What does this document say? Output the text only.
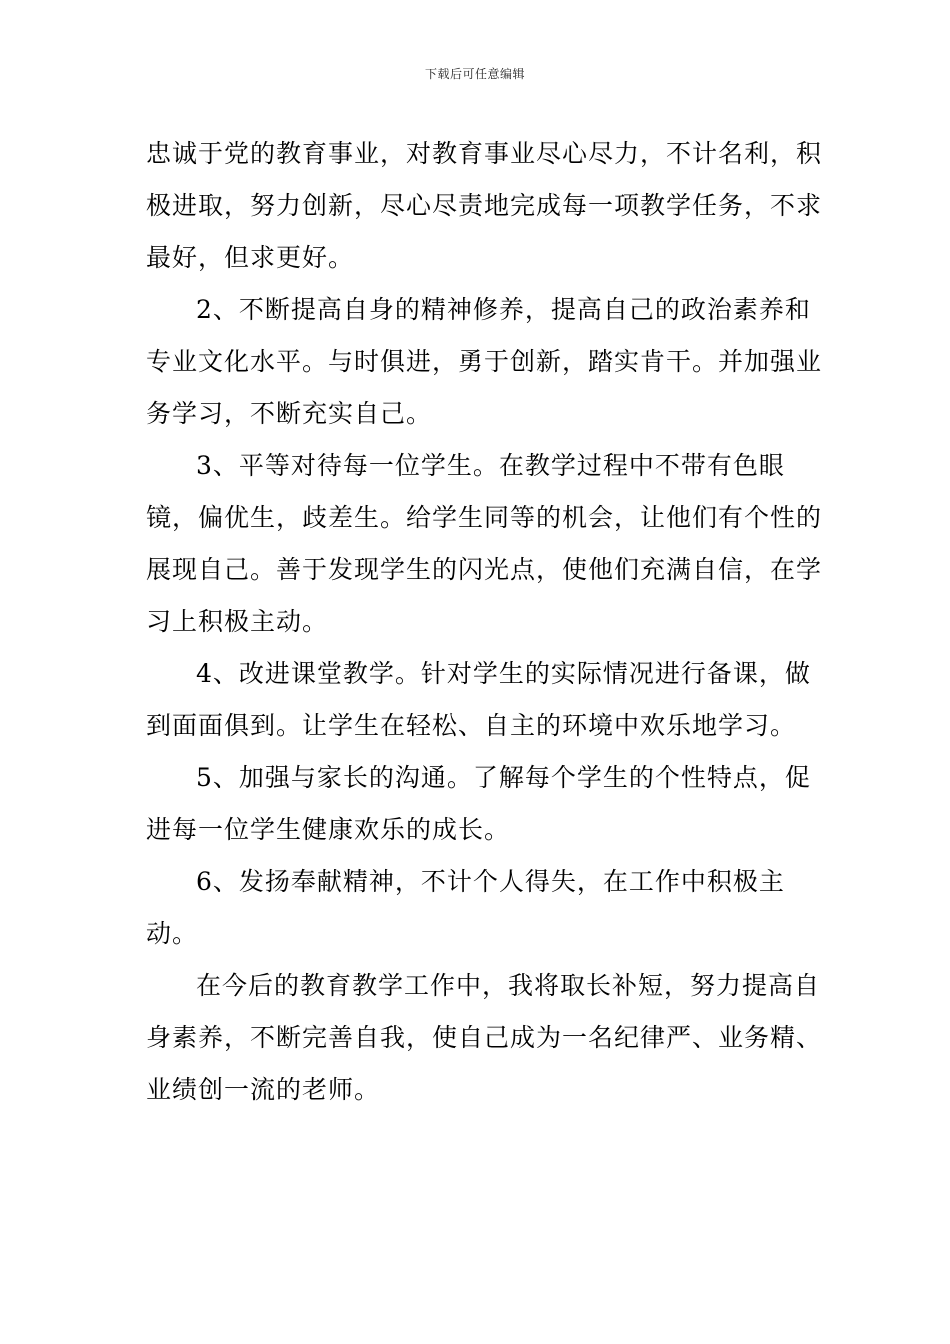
下载后可任意编辑

忠诚于党的教育事业，对教育事业尽心尽力，不计名利，积极进取，努力创新，尽心尽责地完成每一项教学任务，不求最好，但求更好。

2、不断提高自身的精神修养，提高自己的政治素养和专业文化水平。与时俱进，勇于创新，踏实肯干。并加强业务学习，不断充实自己。

3、平等对待每一位学生。在教学过程中不带有色眼镜，偏优生，歧差生。给学生同等的机会，让他们有个性的展现自己。善于发现学生的闪光点，使他们充满自信，在学习上积极主动。

4、改进课堂教学。针对学生的实际情况进行备课，做到面面俱到。让学生在轻松、自主的环境中欢乐地学习。

5、加强与家长的沟通。了解每个学生的个性特点，促进每一位学生健康欢乐的成长。

6、发扬奉献精神，不计个人得失，在工作中积极主动。

在今后的教育教学工作中，我将取长补短，努力提高自身素养，不断完善自我，使自己成为一名纪律严、业务精、业绩创一流的老师。
